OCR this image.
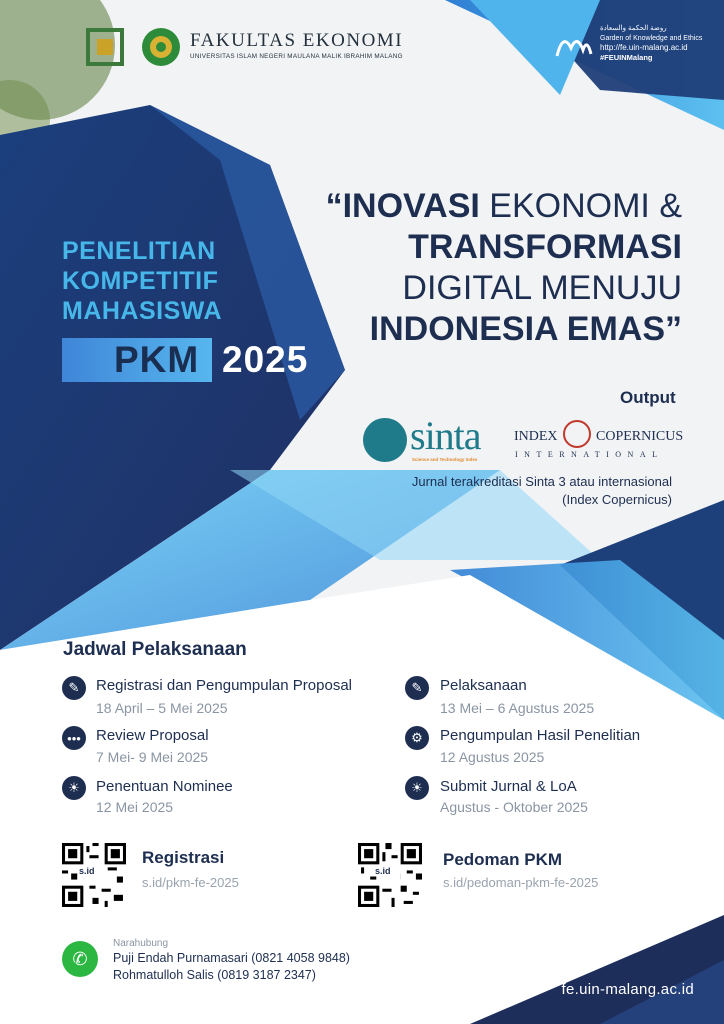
FAKULTAS EKONOMI
UNIVERSITAS ISLAM NEGERI MAULANA MALIK IBRAHIM MALANG
روضة الحكمة والسعادة
Garden of Knowledge and Ethics
http://fe.uin-malang.ac.id
#FEUINMalang
PENELITIAN
KOMPETITIF
MAHASISWA
PKM 2025
“INOVASI EKONOMI &
TRANSFORMASI
DIGITAL MENUJU
INDONESIA EMAS”
Output
sinta
Science and Technology Index
INDEX	COPERNICUS
INTERNATIONAL
Jurnal terakreditasi Sinta 3 atau internasional
(Index Copernicus)
Jadwal Pelaksanaan
✎	Registrasi dan Pengumpulan Proposal
18 April – 5 Mei 2025
•••	Review Proposal
7 Mei- 9 Mei 2025
☀	Penentuan Nominee
12 Mei 2025
✎	Pelaksanaan
13 Mei – 6 Agustus 2025
⚙	Pengumpulan Hasil Penelitian
12 Agustus 2025
☀	Submit Jurnal & LoA
Agustus - Oktober 2025
s.id
Registrasi
s.id/pkm-fe-2025
s.id
Pedoman PKM
s.id/pedoman-pkm-fe-2025
✆
Narahubung
Puji Endah Purnamasari (0821 4058 9848)
Rohmatulloh Salis (0819 3187 2347)
fe.uin-malang.ac.id
